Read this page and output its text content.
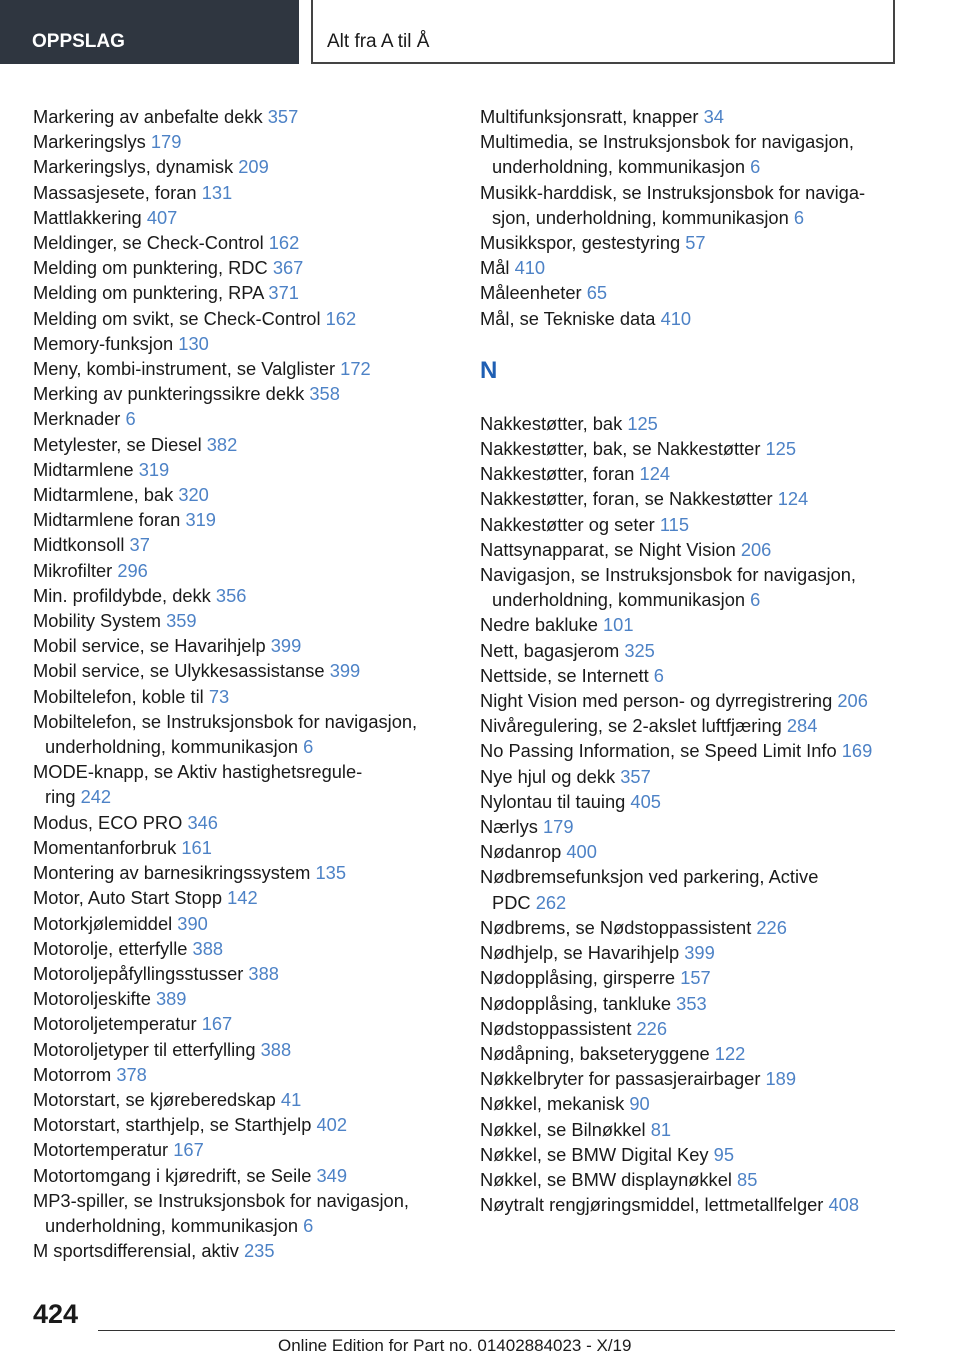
OPPSLAG	Alt fra A til Å
Markering av anbefalte dekk 357
Markeringslys 179
Markeringslys, dynamisk 209
Massasjesete, foran 131
Mattlakkering 407
Meldinger, se Check-Control 162
Melding om punktering, RDC 367
Melding om punktering, RPA 371
Melding om svikt, se Check-Control 162
Memory-funksjon 130
Meny, kombi-instrument, se Valglister 172
Merking av punkteringssikre dekk 358
Merknader 6
Metylester, se Diesel 382
Midtarmlene 319
Midtarmlene, bak 320
Midtarmlene foran 319
Midtkonsoll 37
Mikrofilter 296
Min. profildybde, dekk 356
Mobility System 359
Mobil service, se Havarihjelp 399
Mobil service, se Ulykkesassistanse 399
Mobiltelefon, koble til 73
Mobiltelefon, se Instruksjonsbok for navigasjon,
underholdning, kommunikasjon 6
MODE-knapp, se Aktiv hastighetsregule-
ring 242
Modus, ECO PRO 346
Momentanforbruk 161
Montering av barnesikringssystem 135
Motor, Auto Start Stopp 142
Motorkjølemiddel 390
Motorolje, etterfylle 388
Motoroljepåfyllingsstusser 388
Motoroljeskifte 389
Motoroljetemperatur 167
Motoroljetyper til etterfylling 388
Motorrom 378
Motorstart, se kjøreberedskap 41
Motorstart, starthjelp, se Starthjelp 402
Motortemperatur 167
Motortomgang i kjøredrift, se Seile 349
MP3-spiller, se Instruksjonsbok for navigasjon,
underholdning, kommunikasjon 6
M sportsdifferensial, aktiv 235
Multifunksjonsratt, knapper 34
Multimedia, se Instruksjonsbok for navigasjon,
underholdning, kommunikasjon 6
Musikk-harddisk, se Instruksjonsbok for naviga-
sjon, underholdning, kommunikasjon 6
Musikkspor, gestestyring 57
Mål 410
Måleenheter 65
Mål, se Tekniske data 410
N
Nakkestøtter, bak 125
Nakkestøtter, bak, se Nakkestøtter 125
Nakkestøtter, foran 124
Nakkestøtter, foran, se Nakkestøtter 124
Nakkestøtter og seter 115
Nattsynapparat, se Night Vision 206
Navigasjon, se Instruksjonsbok for navigasjon,
underholdning, kommunikasjon 6
Nedre bakluke 101
Nett, bagasjerom 325
Nettside, se Internett 6
Night Vision med person- og dyrregistrering 206
Nivåregulering, se 2-akslet luftfjæring 284
No Passing Information, se Speed Limit Info 169
Nye hjul og dekk 357
Nylontau til tauing 405
Nærlys 179
Nødanrop 400
Nødbremsefunksjon ved parkering, Active
PDC 262
Nødbrems, se Nødstoppassistent 226
Nødhjelp, se Havarihjelp 399
Nødopplåsing, girsperre 157
Nødopplåsing, tankluke 353
Nødstoppassistent 226
Nødåpning, bakseteryggene 122
Nøkkelbryter for passasjerairbager 189
Nøkkel, mekanisk 90
Nøkkel, se Bilnøkkel 81
Nøkkel, se BMW Digital Key 95
Nøkkel, se BMW displaynøkkel 85
Nøytralt rengjøringsmiddel, lettmetallfelger 408
424
Online Edition for Part no. 01402884023 - X/19
